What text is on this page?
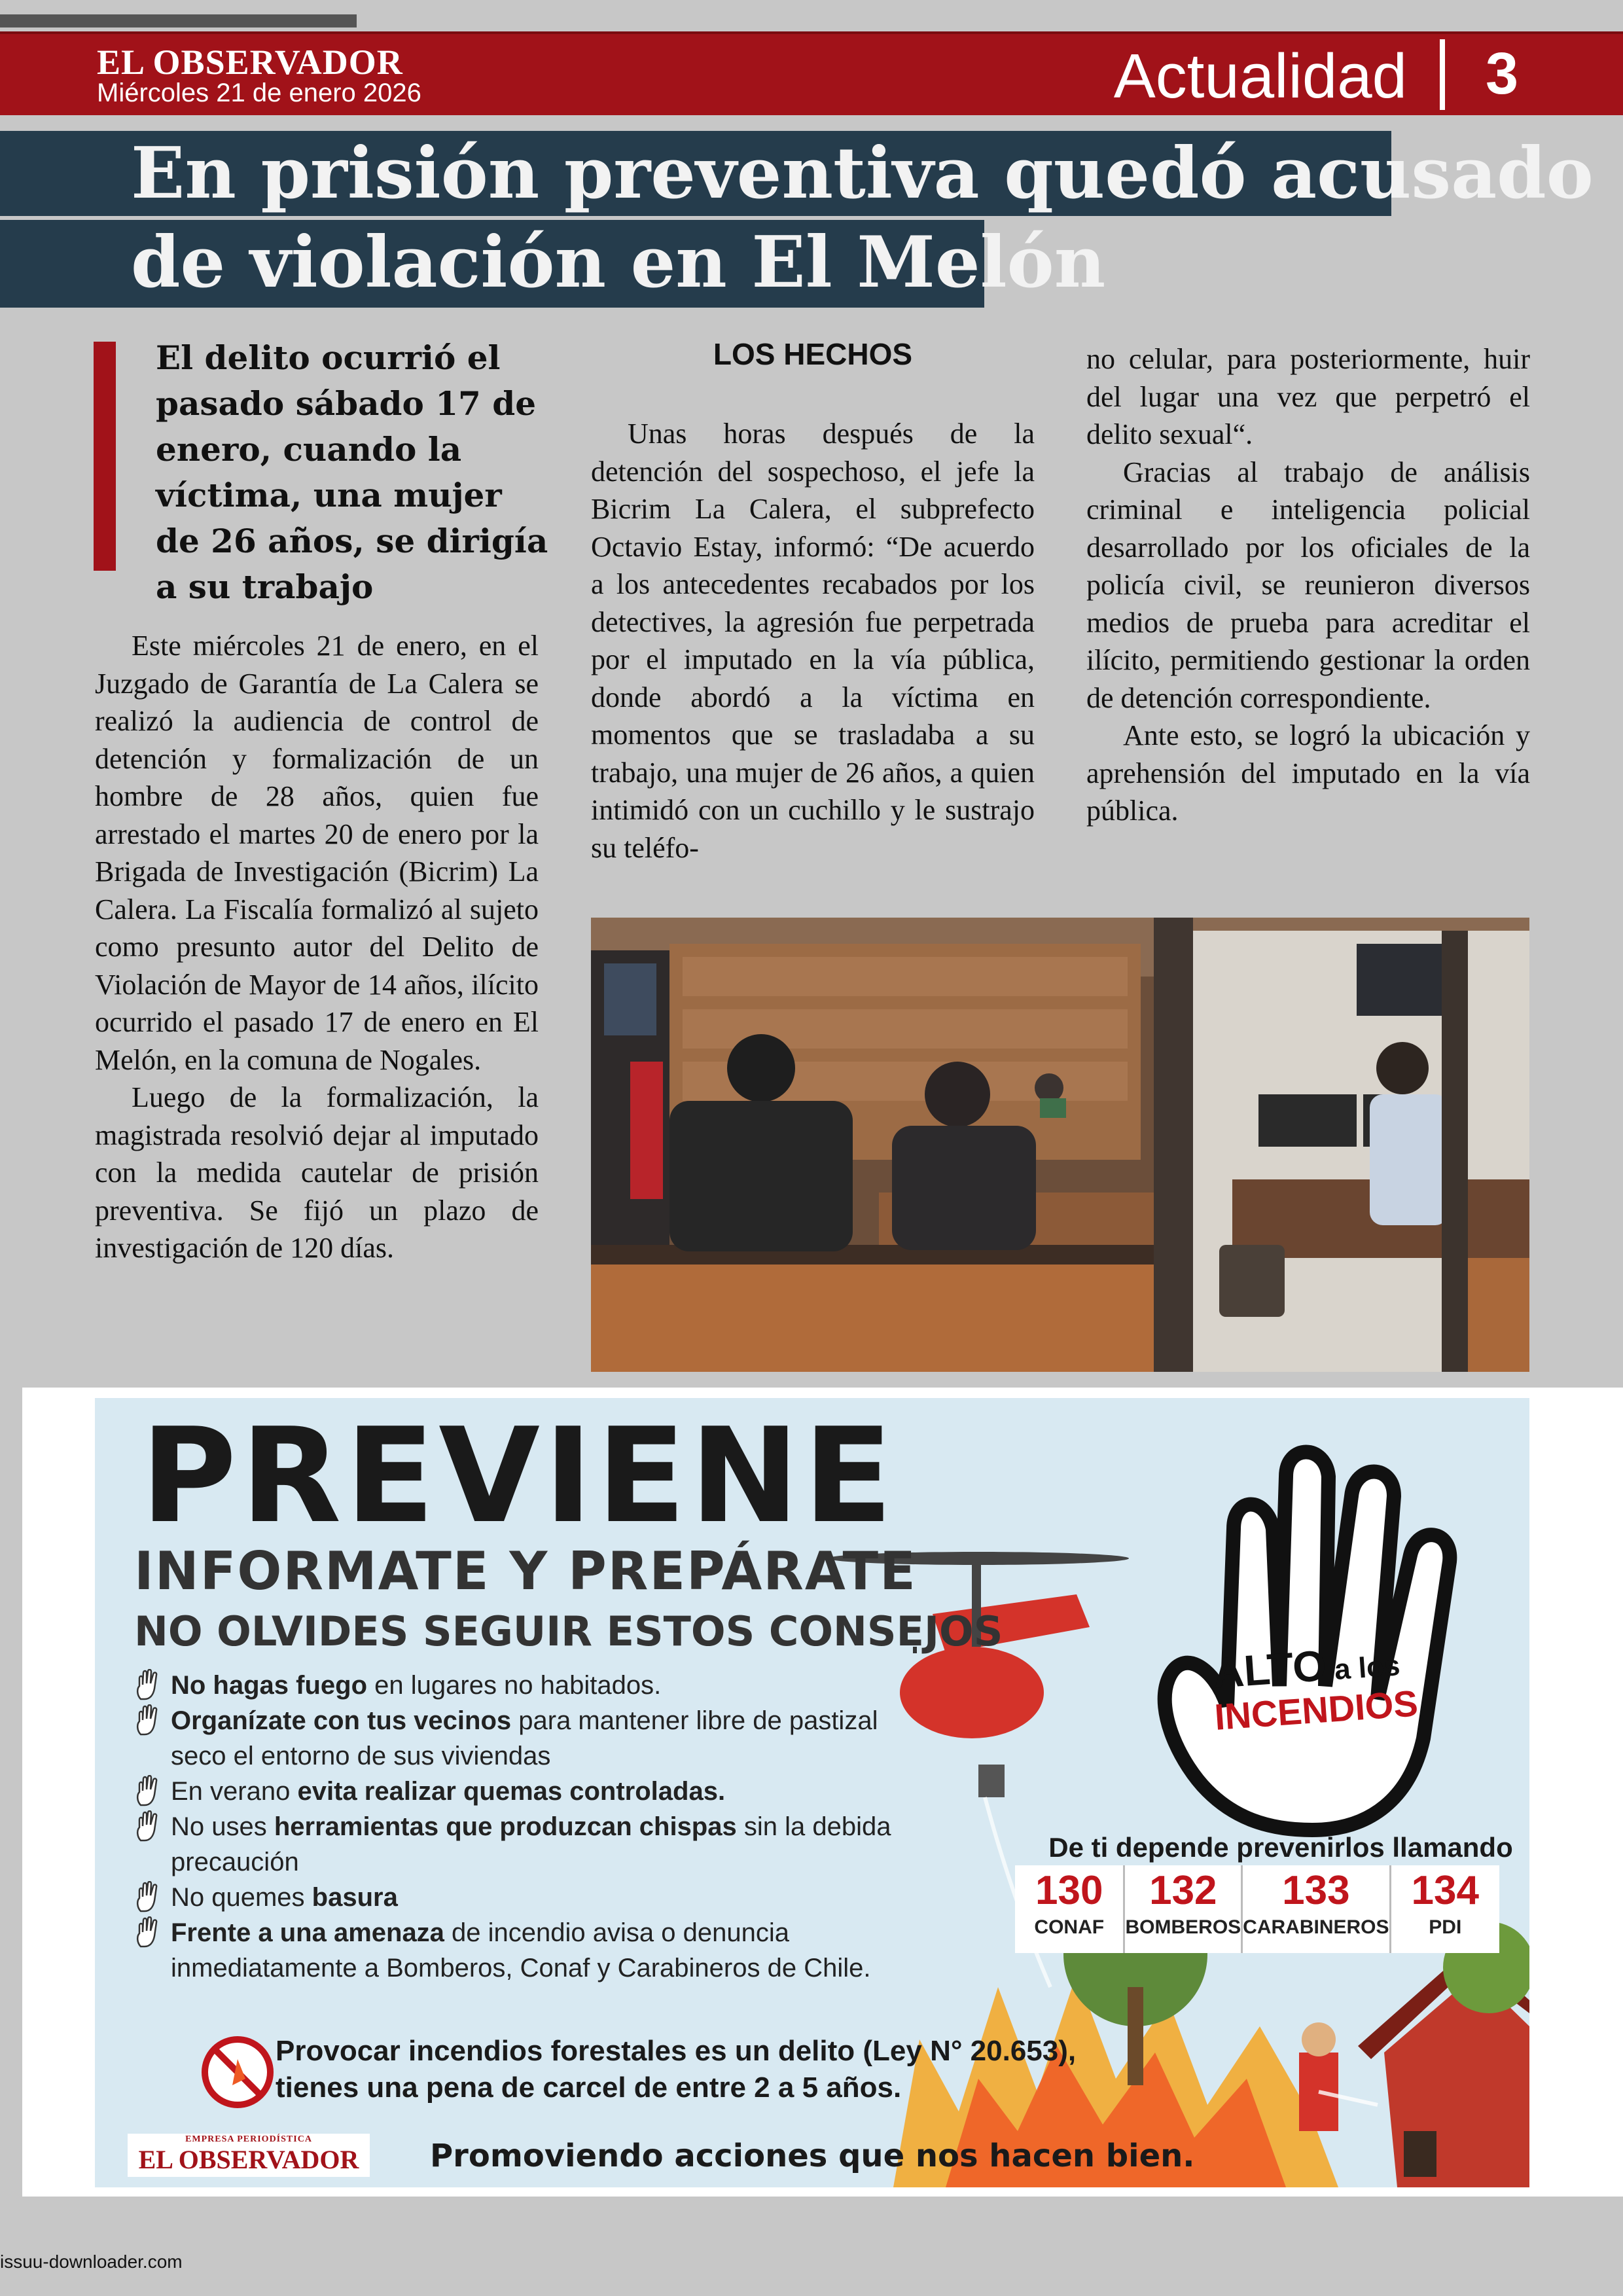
EL OBSERVADOR
Miércoles 21 de enero 2026	Actualidad 3
En prisión preventiva quedó acusado
de violación en El Melón
El delito ocurrió el pasado sábado 17 de enero, cuando la víctima, una mujer de 26 años, se dirigía a su trabajo

Este miércoles 21 de enero, en el Juzgado de Garantía de La Calera se realizó la audiencia de control de detención y formalización de un hombre de 28 años, quien fue arrestado el martes 20 de enero por la Brigada de Investigación (Bicrim) La Calera. La Fiscalía formalizó al sujeto como presunto autor del Delito de Violación de Mayor de 14 años, ilícito ocurrido el pasado 17 de enero en El Melón, en la comuna de Nogales.

Luego de la formalización, la magistrada resolvió dejar al imputado con la medida cautelar de prisión preventiva. Se fijó un plazo de investigación de 120 días.

LOS HECHOS

Unas horas después de la detención del sospechoso, el jefe la Bicrim La Calera, el subprefecto Octavio Estay, informó: “De acuerdo a los antecedentes recabados por los detectives, la agresión fue perpetrada por el imputado en la vía pública, donde abordó a la víctima en momentos que se trasladaba a su trabajo, una mujer de 26 años, a quien intimidó con un cuchillo y le sustrajo su teléfo-

no celular, para posteriormente, huir del lugar una vez que perpetró el delito sexual“.

Gracias al trabajo de análisis criminal e inteligencia policial desarrollado por los oficiales de la policía civil, se reunieron diversos medios de prueba para acreditar el ilícito, permitiendo gestionar la orden de detención correspondiente.

Ante esto, se logró la ubicación y aprehensión del imputado en la vía pública.

PREVIENE
INFORMATE Y PREPÁRATE
NO OLVIDES SEGUIR ESTOS CONSEJOS
No hagas fuego en lugares no habitados.
Organízate con tus vecinos para mantener libre de pastizal seco el entorno de sus viviendas
En verano evita realizar quemas controladas.
No uses herramientas que produzcan chispas sin la debida precaución
No quemes basura
Frente a una amenaza de incendio avisa o denuncia inmediatamente a Bomberos, Conaf y Carabineros de Chile.
ALTO a los
INCENDIOS
De ti depende prevenirlos llamando
130
CONAF
132
BOMBEROS
133
CARABINEROS
134
PDI
Provocar incendios forestales es un delito (Ley N° 20.653),
tienes una pena de carcel de entre 2 a 5 años.
EMPRESA PERIODÍSTICA
EL OBSERVADOR	Promoviendo acciones que nos hacen bien.
issuu-downloader.com
